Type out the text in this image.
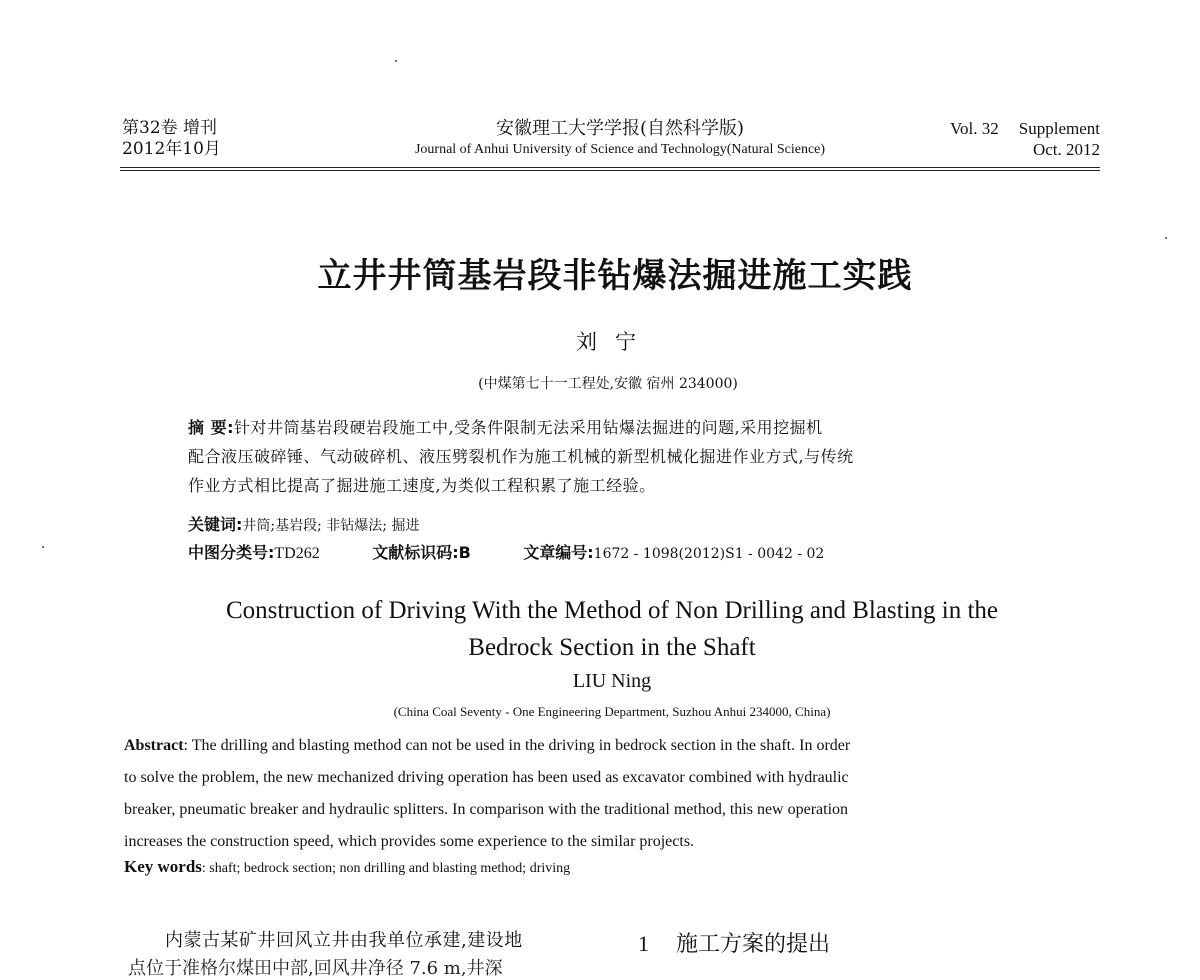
第32卷 增刊
2012年10月
安徽理工大学学报(自然科学版)
Journal of Anhui University of Science and Technology(Natural Science)
Vol. 32 Supplement
Oct. 2012
立井井筒基岩段非钻爆法掘进施工实践
刘宁
(中煤第七十一工程处,安徽 宿州 234000)
摘 要:针对井筒基岩段硬岩段施工中,受条件限制无法采用钻爆法掘进的问题,采用挖掘机
配合液压破碎锤、气动破碎机、液压劈裂机作为施工机械的新型机械化掘进作业方式,与传统
作业方式相比提高了掘进施工速度,为类似工程积累了施工经验。
关键词:井筒;基岩段; 非钻爆法; 掘进
中图分类号:TD262	文献标识码:B	文章编号:1672 - 1098(2012)S1 - 0042 - 02
Construction of Driving With the Method of Non Drilling and Blasting in the
Bedrock Section in the Shaft
LIU Ning
(China Coal Seventy - One Engineering Department, Suzhou Anhui 234000, China)
Abstract: The drilling and blasting method can not be used in the driving in bedrock section in the shaft. In order
to solve the problem, the new mechanized driving operation has been used as excavator combined with hydraulic
breaker, pneumatic breaker and hydraulic splitters. In comparison with the traditional method, this new operation
increases the construction speed, which provides some experience to the similar projects.
Key words: shaft; bedrock section; non drilling and blasting method; driving
内蒙古某矿井回风立井由我单位承建,建设地
点位于准格尔煤田中部,回风井净径 7.6 m,井深
1 施工方案的提出
